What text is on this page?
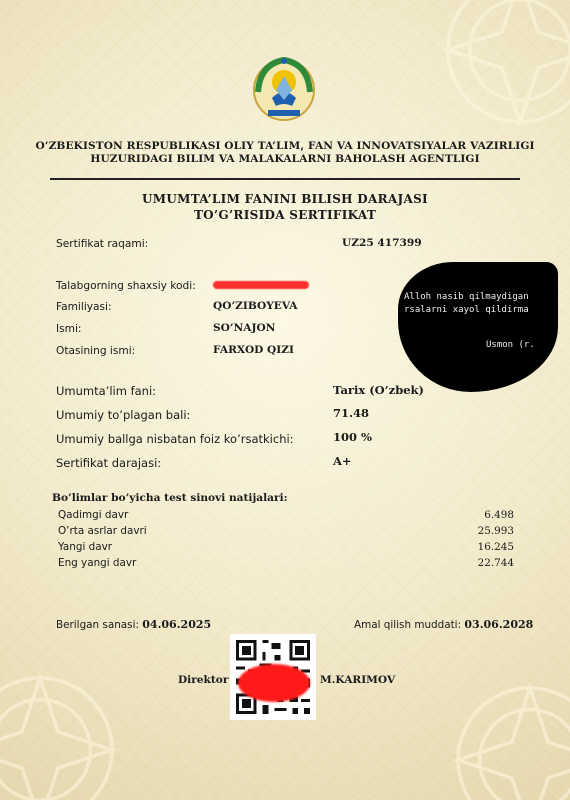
O’ZBEKISTON RESPUBLIKASI OLIY TA’LIM, FAN VA INNOVATSIYALAR VAZIRLIGI
HUZURIDAGI BILIM VA MALAKALARNI BAHOLASH AGENTLIGI
UMUMTA’LIM FANINI BILISH DARAJASI
TO’G’RISIDA SERTIFIKAT
Sertifikat raqami:	UZ25 417399
Talabgorning shaxsiy kodi:
Familiyasi:	QO’ZIBOYEVA
Ismi:	SO’NAJON
Otasining ismi:	FARXOD QIZI
Alloh nasib qilmaydigan
rsalarni xayol qildirma
Usmon (r.
Umumta’lim fani:	Tarix (O’zbek)
Umumiy to’plagan bali:	71.48
Umumiy ballga nisbatan foiz ko’rsatkichi:	100 %
Sertifikat darajasi:	A+
Bo’limlar bo’yicha test sinovi natijalari:
Qadimgi davr	6.498
O’rta asrlar davri	25.993
Yangi davr	16.245
Eng yangi davr	22.744
Berilgan sanasi: 04.06.2025	Amal qilish muddati: 03.06.2028
Direktor	M.KARIMOV
